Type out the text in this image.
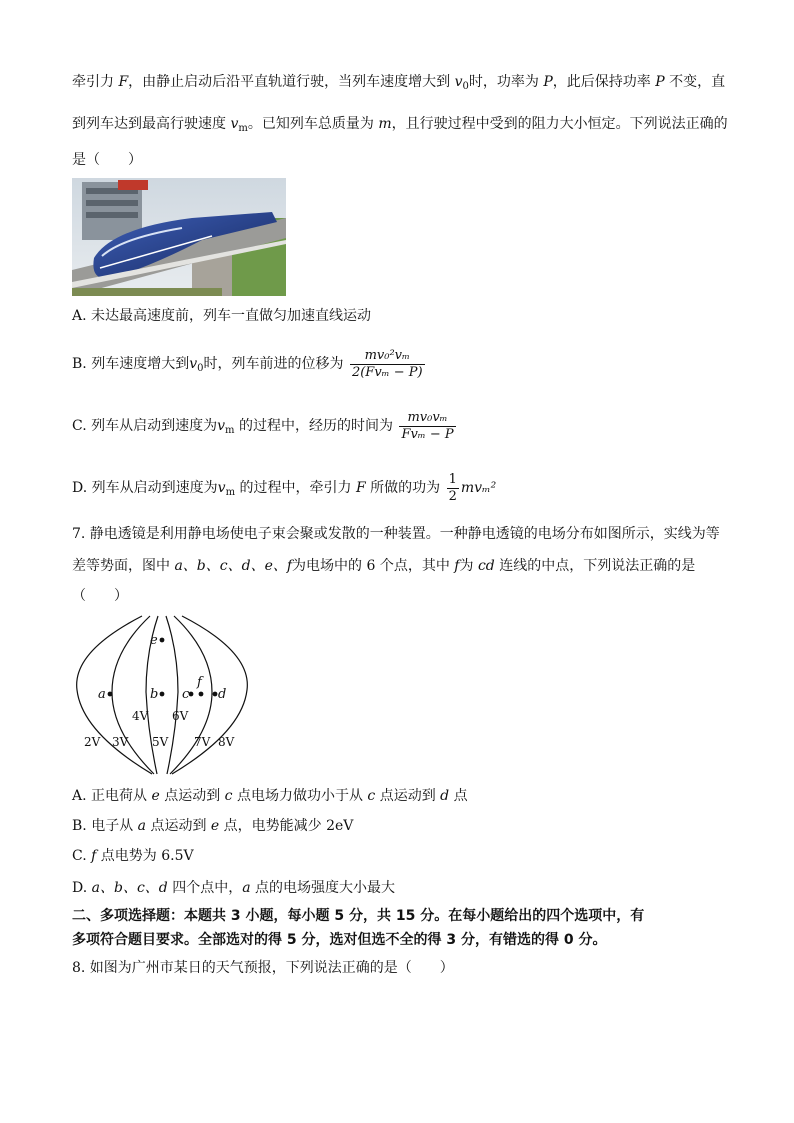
牵引力 F，由静止启动后沿平直轨道行驶，当列车速度增大到 $v_0$时，功率为 P，此后保持功率 P 不变，直
到列车达到最高行驶速度 $v_m$。已知列车总质量为 m，且行驶过程中受到的阻力大小恒定。下列说法正确的
是（　　）
A. 未达最高速度前，列车一直做匀加速直线运动
B. 列车速度增大到$v_0$时，列车前进的位移为 $\frac{\text{mv₀²vₘ}}{\text{2(Fvₘ − P)}}$
C. 列车从启动到速度为$v_m$ 的过程中，经历的时间为 $\frac{\text{mv₀vₘ}}{\text{Fvₘ − P}}$
D. 列车从启动到速度为$v_m$ 的过程中，牵引力 F 所做的功为 $\frac{1}{2} mv_m^2$
7. 静电透镜是利用静电场使电子束会聚或发散的一种装置。一种静电透镜的电场分布如图所示，实线为等
差等势面，图中 a、b、c、d、e、f为电场中的 6 个点，其中 f为 cd 连线的中点，下列说法正确的是
（　　）
a	b c d
e
f
4V 6V
2V 3V 5V 7V 8V
A. 正电荷从 e 点运动到 c 点电场力做功小于从 c 点运动到 d 点
B. 电子从 a 点运动到 e 点，电势能减少 2eV
C. f 点电势为 6.5V
D. a、b、c、d 四个点中，a 点的电场强度大小最大
二、多项选择题：本题共 3 小题，每小题 5 分，共 15 分。在每小题给出的四个选项中，有
多项符合题目要求。全部选对的得 5 分，选对但选不全的得 3 分，有错选的得 0 分。
8. 如图为广州市某日的天气预报，下列说法正确的是（　　）
